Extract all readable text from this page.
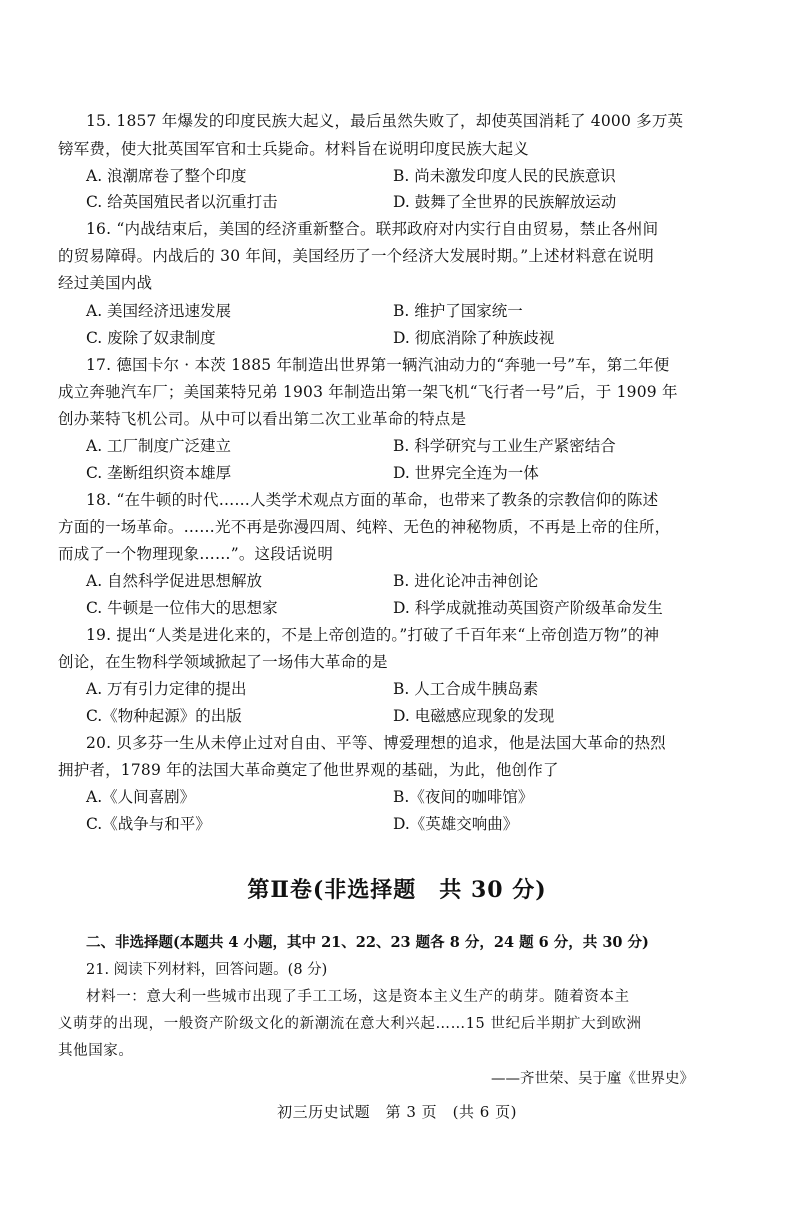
15. 1857 年爆发的印度民族大起义，最后虽然失败了，却使英国消耗了 4000 多万英
镑军费，使大批英国军官和士兵毙命。材料旨在说明印度民族大起义
A. 浪潮席卷了整个印度	B. 尚未激发印度人民的民族意识
C. 给英国殖民者以沉重打击	D. 鼓舞了全世界的民族解放运动
16. “内战结束后，美国的经济重新整合。联邦政府对内实行自由贸易，禁止各州间
的贸易障碍。内战后的 30 年间，美国经历了一个经济大发展时期。”上述材料意在说明
经过美国内战
A. 美国经济迅速发展	B. 维护了国家统一
C. 废除了奴隶制度	D. 彻底消除了种族歧视
17. 德国卡尔 · 本茨 1885 年制造出世界第一辆汽油动力的“奔驰一号”车，第二年便
成立奔驰汽车厂；美国莱特兄弟 1903 年制造出第一架飞机“飞行者一号”后，于 1909 年
创办莱特飞机公司。从中可以看出第二次工业革命的特点是
A. 工厂制度广泛建立	B. 科学研究与工业生产紧密结合
C. 垄断组织资本雄厚	D. 世界完全连为一体
18. “在牛顿的时代……人类学术观点方面的革命，也带来了教条的宗教信仰的陈述
方面的一场革命。……光不再是弥漫四周、纯粹、无色的神秘物质，不再是上帝的住所，
而成了一个物理现象……”。这段话说明
A. 自然科学促进思想解放	B. 进化论冲击神创论
C. 牛顿是一位伟大的思想家	D. 科学成就推动英国资产阶级革命发生
19. 提出“人类是进化来的，不是上帝创造的。”打破了千百年来“上帝创造万物”的神
创论，在生物科学领域掀起了一场伟大革命的是
A. 万有引力定律的提出	B. 人工合成牛胰岛素
C.《物种起源》的出版	D. 电磁感应现象的发现
20. 贝多芬一生从未停止过对自由、平等、博爱理想的追求，他是法国大革命的热烈
拥护者，1789 年的法国大革命奠定了他世界观的基础，为此，他创作了
A.《人间喜剧》	B.《夜间的咖啡馆》
C.《战争与和平》	D.《英雄交响曲》
第Ⅱ卷(非选择题　共 30 分)
二、非选择题(本题共 4 小题，其中 21、22、23 题各 8 分，24 题 6 分，共 30 分)
21. 阅读下列材料，回答问题。(8 分)
材料一：意大利一些城市出现了手工工场，这是资本主义生产的萌芽。随着资本主
义萌芽的出现，一般资产阶级文化的新潮流在意大利兴起……15 世纪后半期扩大到欧洲
其他国家。
——齐世荣、吴于廑《世界史》
初三历史试题　第 3 页　(共 6 页)
